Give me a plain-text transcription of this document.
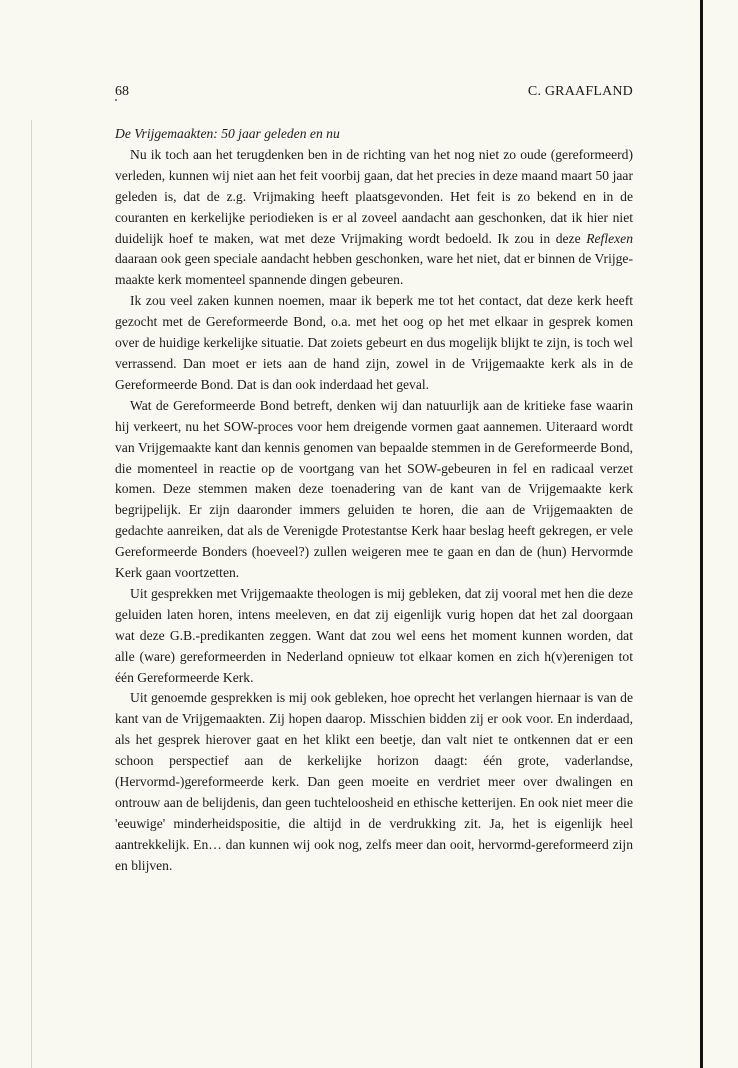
68	C. GRAAFLAND
De Vrijgemaakten: 50 jaar geleden en nu

Nu ik toch aan het terugdenken ben in de richting van het nog niet zo oude (gereformeerd) verleden, kunnen wij niet aan het feit voorbij gaan, dat het precies in deze maand maart 50 jaar geleden is, dat de z.g. Vrijmaking heeft plaatsgevonden. Het feit is zo bekend en in de couranten en kerkelijke periodieken is er al zoveel aandacht aan geschonken, dat ik hier niet duidelijk hoef te maken, wat met deze Vrijmaking wordt bedoeld. Ik zou in deze Reflexen daaraan ook geen speciale aandacht hebben geschonken, ware het niet, dat er binnen de Vrijgemaakte kerk momenteel spannende dingen gebeuren.

Ik zou veel zaken kunnen noemen, maar ik beperk me tot het contact, dat deze kerk heeft gezocht met de Gereformeerde Bond, o.a. met het oog op het met elkaar in gesprek komen over de huidige kerkelijke situatie. Dat zoiets gebeurt en dus mogelijk blijkt te zijn, is toch wel verrassend. Dan moet er iets aan de hand zijn, zowel in de Vrijgemaakte kerk als in de Gereformeerde Bond. Dat is dan ook inderdaad het geval.

Wat de Gereformeerde Bond betreft, denken wij dan natuurlijk aan de kritieke fase waarin hij verkeert, nu het SOW-proces voor hem dreigende vormen gaat aannemen. Uiteraard wordt van Vrijgemaakte kant dan kennis genomen van bepaalde stemmen in de Gereformeerde Bond, die momenteel in reactie op de voortgang van het SOW-gebeuren in fel en radicaal verzet komen. Deze stemmen maken deze toenadering van de kant van de Vrijgemaakte kerk begrijpelijk. Er zijn daaronder immers geluiden te horen, die aan de Vrijgemaakten de gedachte aanreiken, dat als de Verenigde Protestantse Kerk haar beslag heeft gekregen, er vele Gereformeerde Bonders (hoeveel?) zullen weigeren mee te gaan en dan de (hun) Hervormde Kerk gaan voortzetten.

Uit gesprekken met Vrijgemaakte theologen is mij gebleken, dat zij vooral met hen die deze geluiden laten horen, intens meeleven, en dat zij eigenlijk vurig hopen dat het zal doorgaan wat deze G.B.-predikanten zeggen. Want dat zou wel eens het moment kunnen worden, dat alle (ware) gereformeerden in Nederland opnieuw tot elkaar komen en zich h(v)erenigen tot één Gereformeerde Kerk.

Uit genoemde gesprekken is mij ook gebleken, hoe oprecht het verlangen hiernaar is van de kant van de Vrijgemaakten. Zij hopen daarop. Misschien bidden zij er ook voor. En inderdaad, als het gesprek hierover gaat en het klikt een beetje, dan valt niet te ontkennen dat er een schoon perspectief aan de kerkelijke horizon daagt: één grote, vaderlandse, (Hervormd-)gereformeerde kerk. Dan geen moeite en verdriet meer over dwalingen en ontrouw aan de belijdenis, dan geen tuchteloosheid en ethische ketterijen. En ook niet meer die 'eeuwige' minderheidspositie, die altijd in de verdrukking zit. Ja, het is eigenlijk heel aantrekkelijk. En… dan kunnen wij ook nog, zelfs meer dan ooit, hervormd-gereformeerd zijn en blijven.
